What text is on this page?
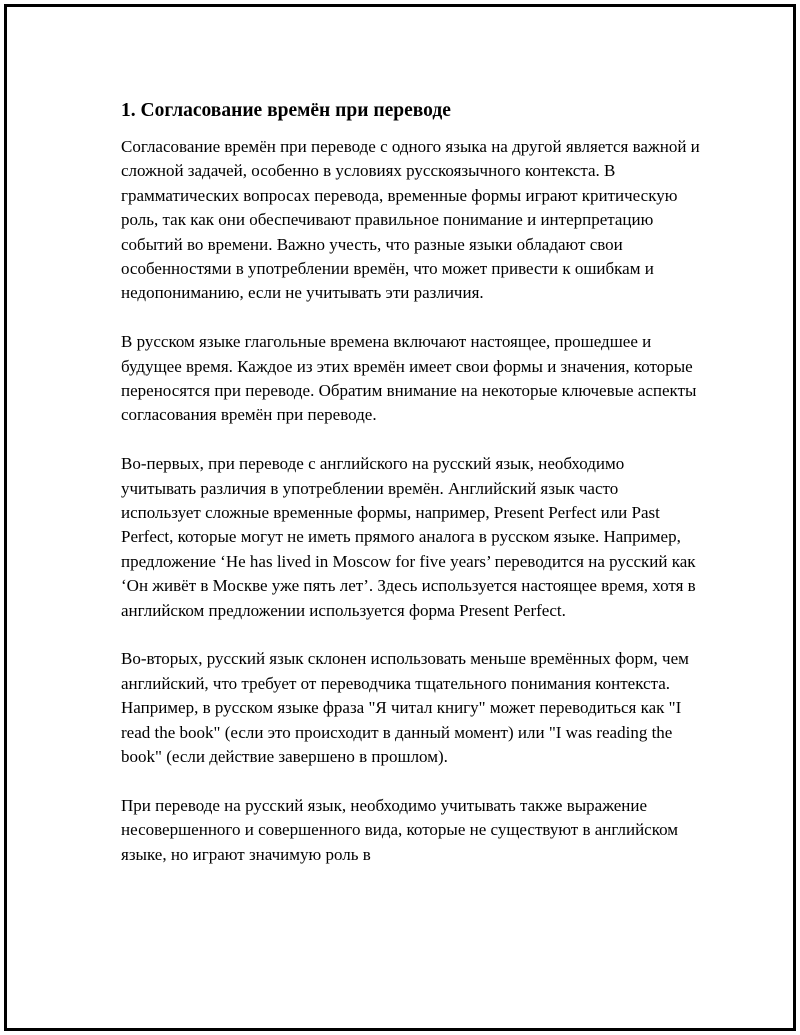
1. Согласование времён при переводе

Согласование времён при переводе с одного языка на другой является важной и сложной задачей, особенно в условиях русскоязычного контекста. В грамматических вопросах перевода, временные формы играют критическую роль, так как они обеспечивают правильное понимание и интерпретацию событий во времени. Важно учесть, что разные языки обладают свои особенностями в употреблении времён, что может привести к ошибкам и недопониманию, если не учитывать эти различия.

В русском языке глагольные времена включают настоящее, прошедшее и будущее время. Каждое из этих времён имеет свои формы и значения, которые переносятся при переводе. Обратим внимание на некоторые ключевые аспекты согласования времён при переводе.

Во-первых, при переводе с английского на русский язык, необходимо учитывать различия в употреблении времён. Английский язык часто использует сложные временные формы, например, Present Perfect или Past Perfect, которые могут не иметь прямого аналога в русском языке. Например, предложение ‘He has lived in Moscow for five years’ переводится на русский как ‘Он живёт в Москве уже пять лет’. Здесь используется настоящее время, хотя в английском предложении используется форма Present Perfect.

Во-вторых, русский язык склонен использовать меньше времённых форм, чем английский, что требует от переводчика тщательного понимания контекста. Например, в русском языке фраза "Я читал книгу" может переводиться как "I read the book" (если это происходит в данный момент) или "I was reading the book" (если действие завершено в прошлом).

При переводе на русский язык, необходимо учитывать также выражение несовершенного и совершенного вида, которые не существуют в английском языке, но играют значимую роль в
